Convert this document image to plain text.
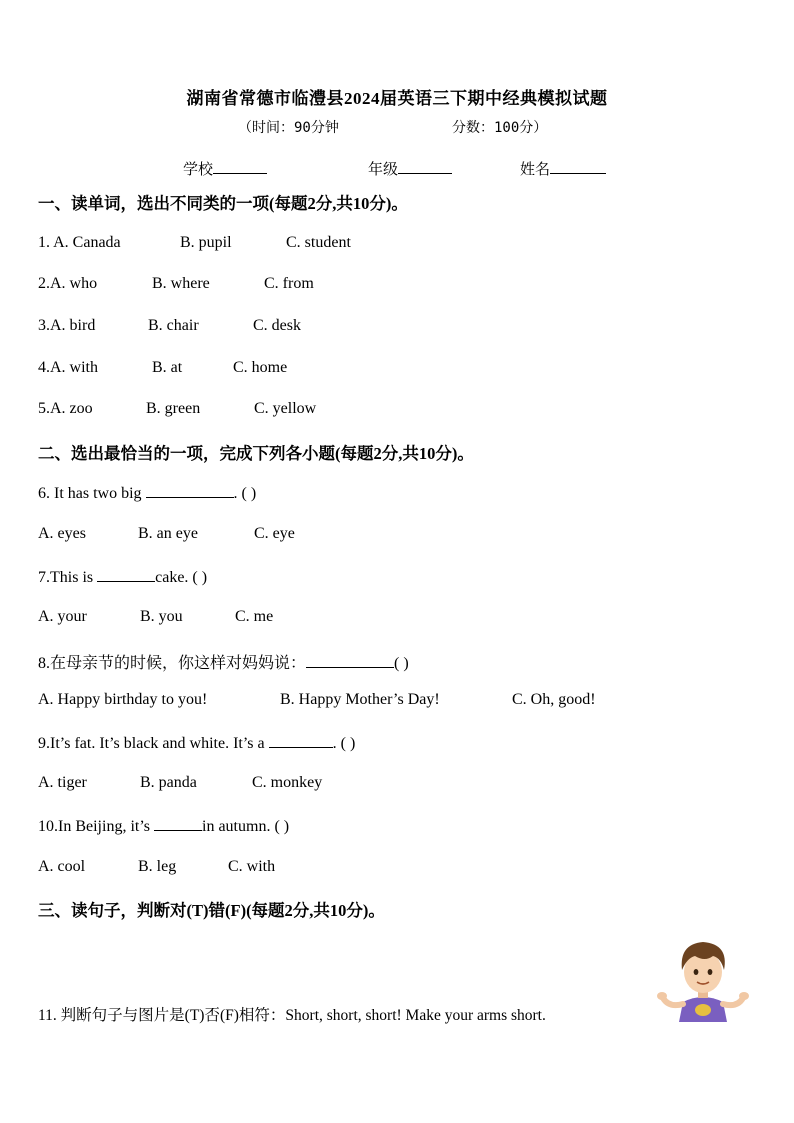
湖南省常德市临澧县2024届英语三下期中经典模拟试题
（时间：90分钟	分数：100分）
学校	年级	姓名
一、读单词，选出不同类的一项(每题2分,共10分)。
1. A. Canada	B. pupil	C. student
2.A. who	B. where	C. from
3.A. bird	B. chair	C. desk
4.A. with	B. at	C. home
5.A. zoo	B. green	C. yellow
二、选出最恰当的一项，完成下列各小题(每题2分,共10分)。
6. It has two big	. ( )
A. eyes	B. an eye	C. eye
7.This is	cake. ( )
A. your	B. you	C. me
8.在母亲节的时候，你这样对妈妈说：	( )
A. Happy birthday to you!	B. Happy Mother’s Day!	C. Oh, good!
9.It’s fat. It’s black and white. It’s a	. ( )
A. tiger	B. panda	C. monkey
10.In Beijing, it’s	in autumn. ( )
A. cool	B. leg	C. with
三、读句子，判断对(T)错(F)(每题2分,共10分)。
11. 判断句子与图片是(T)否(F)相符：Short, short, short! Make your arms short.
